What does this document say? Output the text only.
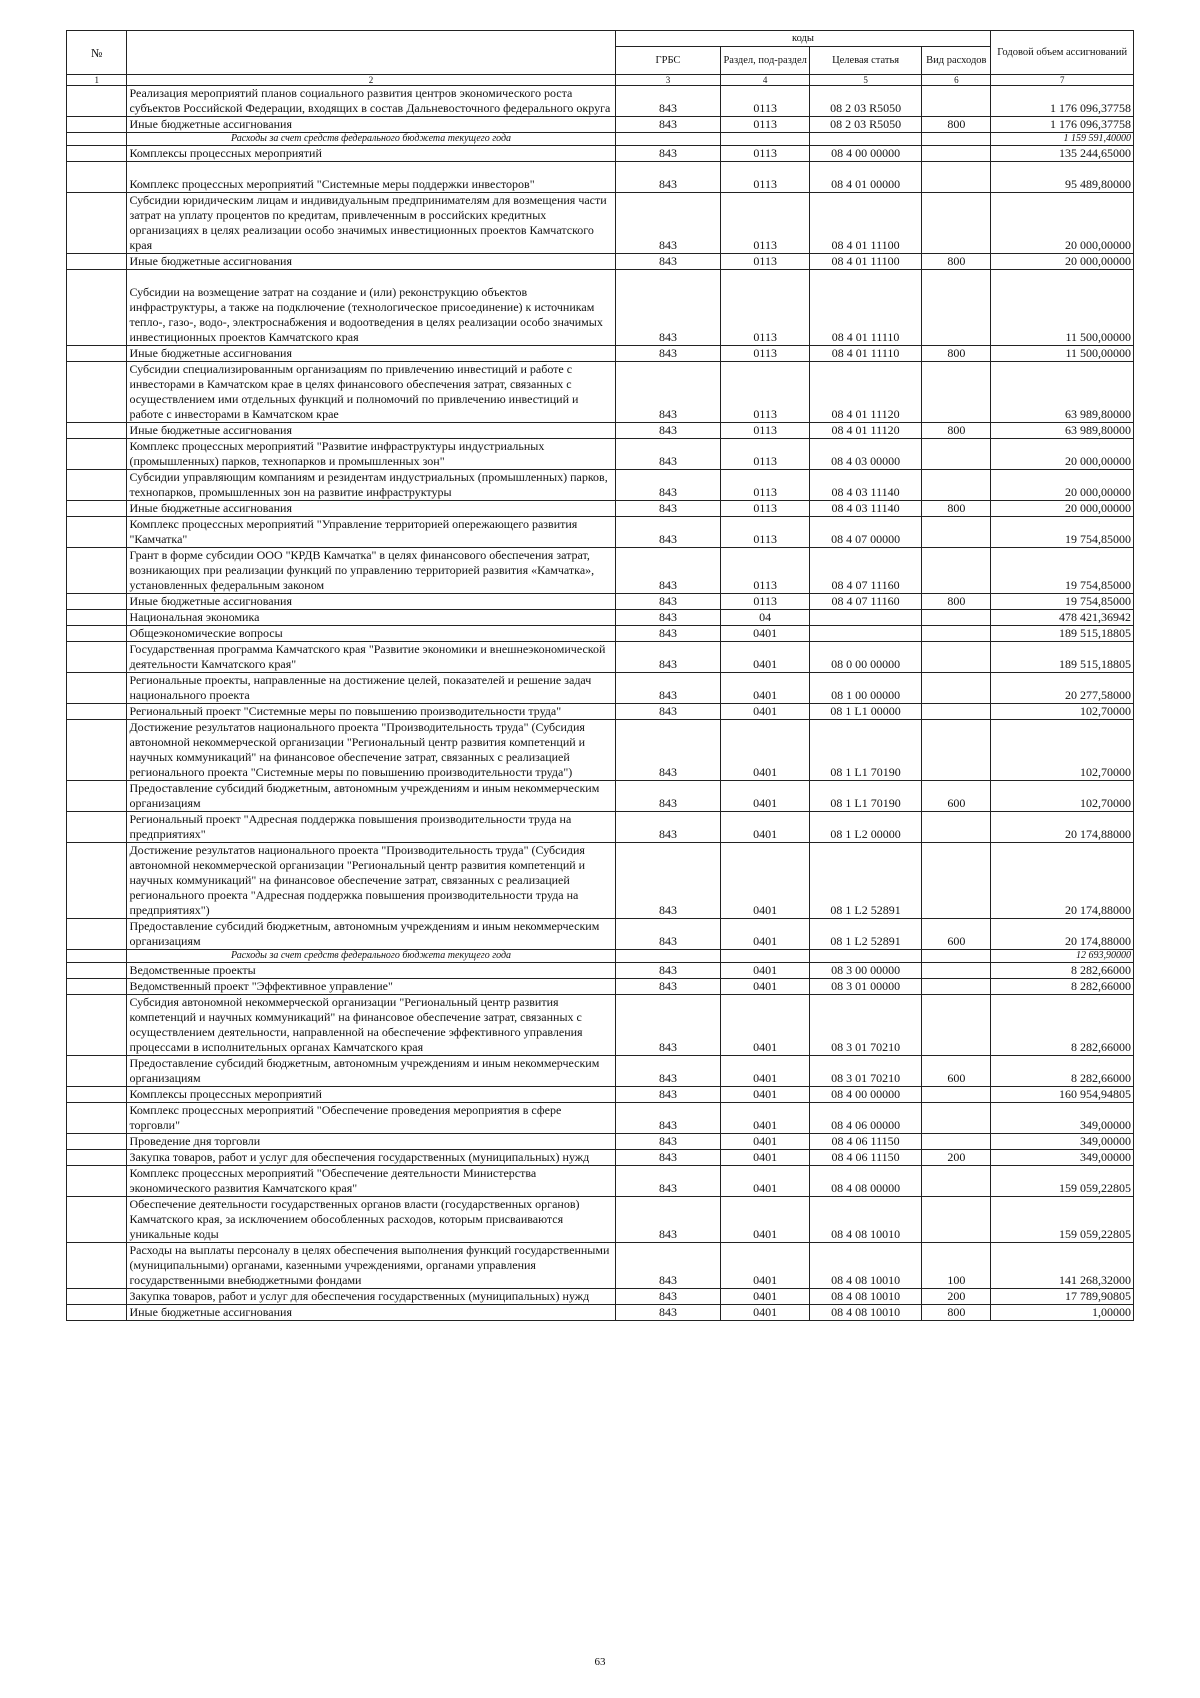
№		коды				Годовой объем ассигнований
		ГРБС	Раздел, под-раздел	Целевая статья	Вид расходов	
1	2	3	4	5	6	7
	Реализация мероприятий планов социального развития центров экономического роста субъектов Российской Федерации, входящих в состав Дальневосточного федерального округа	843	0113	08 2 03 R5050		1 176 096,37758
	Иные бюджетные ассигнования	843	0113	08 2 03 R5050	800	1 176 096,37758
	Расходы за счет средств федерального бюджета текущего года					1 159 591,40000
	Комплексы процессных мероприятий	843	0113	08 4 00 00000		135 244,65000
	Комплекс процессных мероприятий "Системные меры поддержки инвесторов"	843	0113	08 4 01 00000		95 489,80000
	Субсидии юридическим лицам и индивидуальным предпринимателям для возмещения части затрат на уплату процентов по кредитам, привлеченным в российских кредитных организациях в целях реализации особо значимых инвестиционных проектов Камчатского края	843	0113	08 4 01 11100		20 000,00000
	Иные бюджетные ассигнования	843	0113	08 4 01 11100	800	20 000,00000
	Субсидии на возмещение затрат на создание и (или) реконструкцию объектов инфраструктуры, а также на подключение (технологическое присоединение) к источникам тепло-, газо-, водо-, электроснабжения и водоотведения в целях реализации особо значимых инвестиционных проектов Камчатского края	843	0113	08 4 01 11110		11 500,00000
	Иные бюджетные ассигнования	843	0113	08 4 01 11110	800	11 500,00000
	Субсидии специализированным организациям по привлечению инвестиций и работе с инвесторами в Камчатском крае в целях финансового обеспечения затрат, связанных с осуществлением ими отдельных функций и полномочий по привлечению инвестиций и работе с инвесторами в Камчатском крае	843	0113	08 4 01 11120		63 989,80000
	Иные бюджетные ассигнования	843	0113	08 4 01 11120	800	63 989,80000
	Комплекс процессных мероприятий "Развитие инфраструктуры индустриальных (промышленных) парков, технопарков и промышленных зон"	843	0113	08 4 03 00000		20 000,00000
	Субсидии управляющим компаниям и резидентам индустриальных (промышленных) парков, технопарков, промышленных зон на развитие инфраструктуры	843	0113	08 4 03 11140		20 000,00000
	Иные бюджетные ассигнования	843	0113	08 4 03 11140	800	20 000,00000
	Комплекс процессных мероприятий "Управление территорией опережающего развития "Камчатка"	843	0113	08 4 07 00000		19 754,85000
	Грант в форме субсидии ООО "КРДВ Камчатка" в целях финансового обеспечения затрат, возникающих при реализации функций по управлению территорией развития «Камчатка», установленных федеральным законом	843	0113	08 4 07 11160		19 754,85000
	Иные бюджетные ассигнования	843	0113	08 4 07 11160	800	19 754,85000
	Национальная экономика	843	04			478 421,36942
	Общеэкономические вопросы	843	0401			189 515,18805
	Государственная программа Камчатского края "Развитие экономики и внешнеэкономической деятельности Камчатского края"	843	0401	08 0 00 00000		189 515,18805
	Региональные проекты, направленные на достижение целей, показателей и решение задач национального проекта	843	0401	08 1 00 00000		20 277,58000
	Региональный проект "Системные меры по повышению производительности труда"	843	0401	08 1 L1 00000		102,70000
	Достижение результатов национального проекта "Производительность труда" (Субсидия автономной некоммерческой организации "Региональный центр развития компетенций и научных коммуникаций" на финансовое обеспечение затрат, связанных с реализацией регионального проекта "Системные меры по повышению производительности труда")	843	0401	08 1 L1 70190		102,70000
	Предоставление субсидий бюджетным, автономным учреждениям и иным некоммерческим организациям	843	0401	08 1 L1 70190	600	102,70000
	Региональный проект "Адресная поддержка повышения производительности труда на предприятиях"	843	0401	08 1 L2 00000		20 174,88000
	Достижение результатов национального проекта "Производительность труда" (Субсидия автономной некоммерческой организации "Региональный центр развития компетенций и научных коммуникаций" на финансовое обеспечение затрат, связанных с реализацией регионального проекта "Адресная поддержка повышения производительности труда на предприятиях")	843	0401	08 1 L2 52891		20 174,88000
	Предоставление субсидий бюджетным, автономным учреждениям и иным некоммерческим организациям	843	0401	08 1 L2 52891	600	20 174,88000
	Расходы за счет средств федерального бюджета текущего года					12 693,90000
	Ведомственные проекты	843	0401	08 3 00 00000		8 282,66000
	Ведомственный проект "Эффективное управление"	843	0401	08 3 01 00000		8 282,66000
	Субсидия автономной некоммерческой организации "Региональный центр развития компетенций и научных коммуникаций" на финансовое обеспечение затрат, связанных с осуществлением деятельности, направленной на обеспечение эффективного управления процессами в исполнительных органах Камчатского края	843	0401	08 3 01 70210		8 282,66000
	Предоставление субсидий бюджетным, автономным учреждениям и иным некоммерческим организациям	843	0401	08 3 01 70210	600	8 282,66000
	Комплексы процессных мероприятий	843	0401	08 4 00 00000		160 954,94805
	Комплекс процессных мероприятий "Обеспечение проведения мероприятия в сфере торговли"	843	0401	08 4 06 00000		349,00000
	Проведение дня торговли	843	0401	08 4 06 11150		349,00000
	Закупка товаров, работ и услуг для обеспечения государственных (муниципальных) нужд	843	0401	08 4 06 11150	200	349,00000
	Комплекс процессных мероприятий "Обеспечение деятельности Министерства экономического развития Камчатского края"	843	0401	08 4 08 00000		159 059,22805
	Обеспечение деятельности государственных органов власти (государственных органов) Камчатского края, за исключением обособленных расходов, которым присваиваются уникальные коды	843	0401	08 4 08 10010		159 059,22805
	Расходы на выплаты персоналу в целях обеспечения выполнения функций государственными (муниципальными) органами, казенными учреждениями, органами управления государственными внебюджетными фондами	843	0401	08 4 08 10010	100	141 268,32000
	Закупка товаров, работ и услуг для обеспечения государственных (муниципальных) нужд	843	0401	08 4 08 10010	200	17 789,90805
	Иные бюджетные ассигнования	843	0401	08 4 08 10010	800	1,00000
63
